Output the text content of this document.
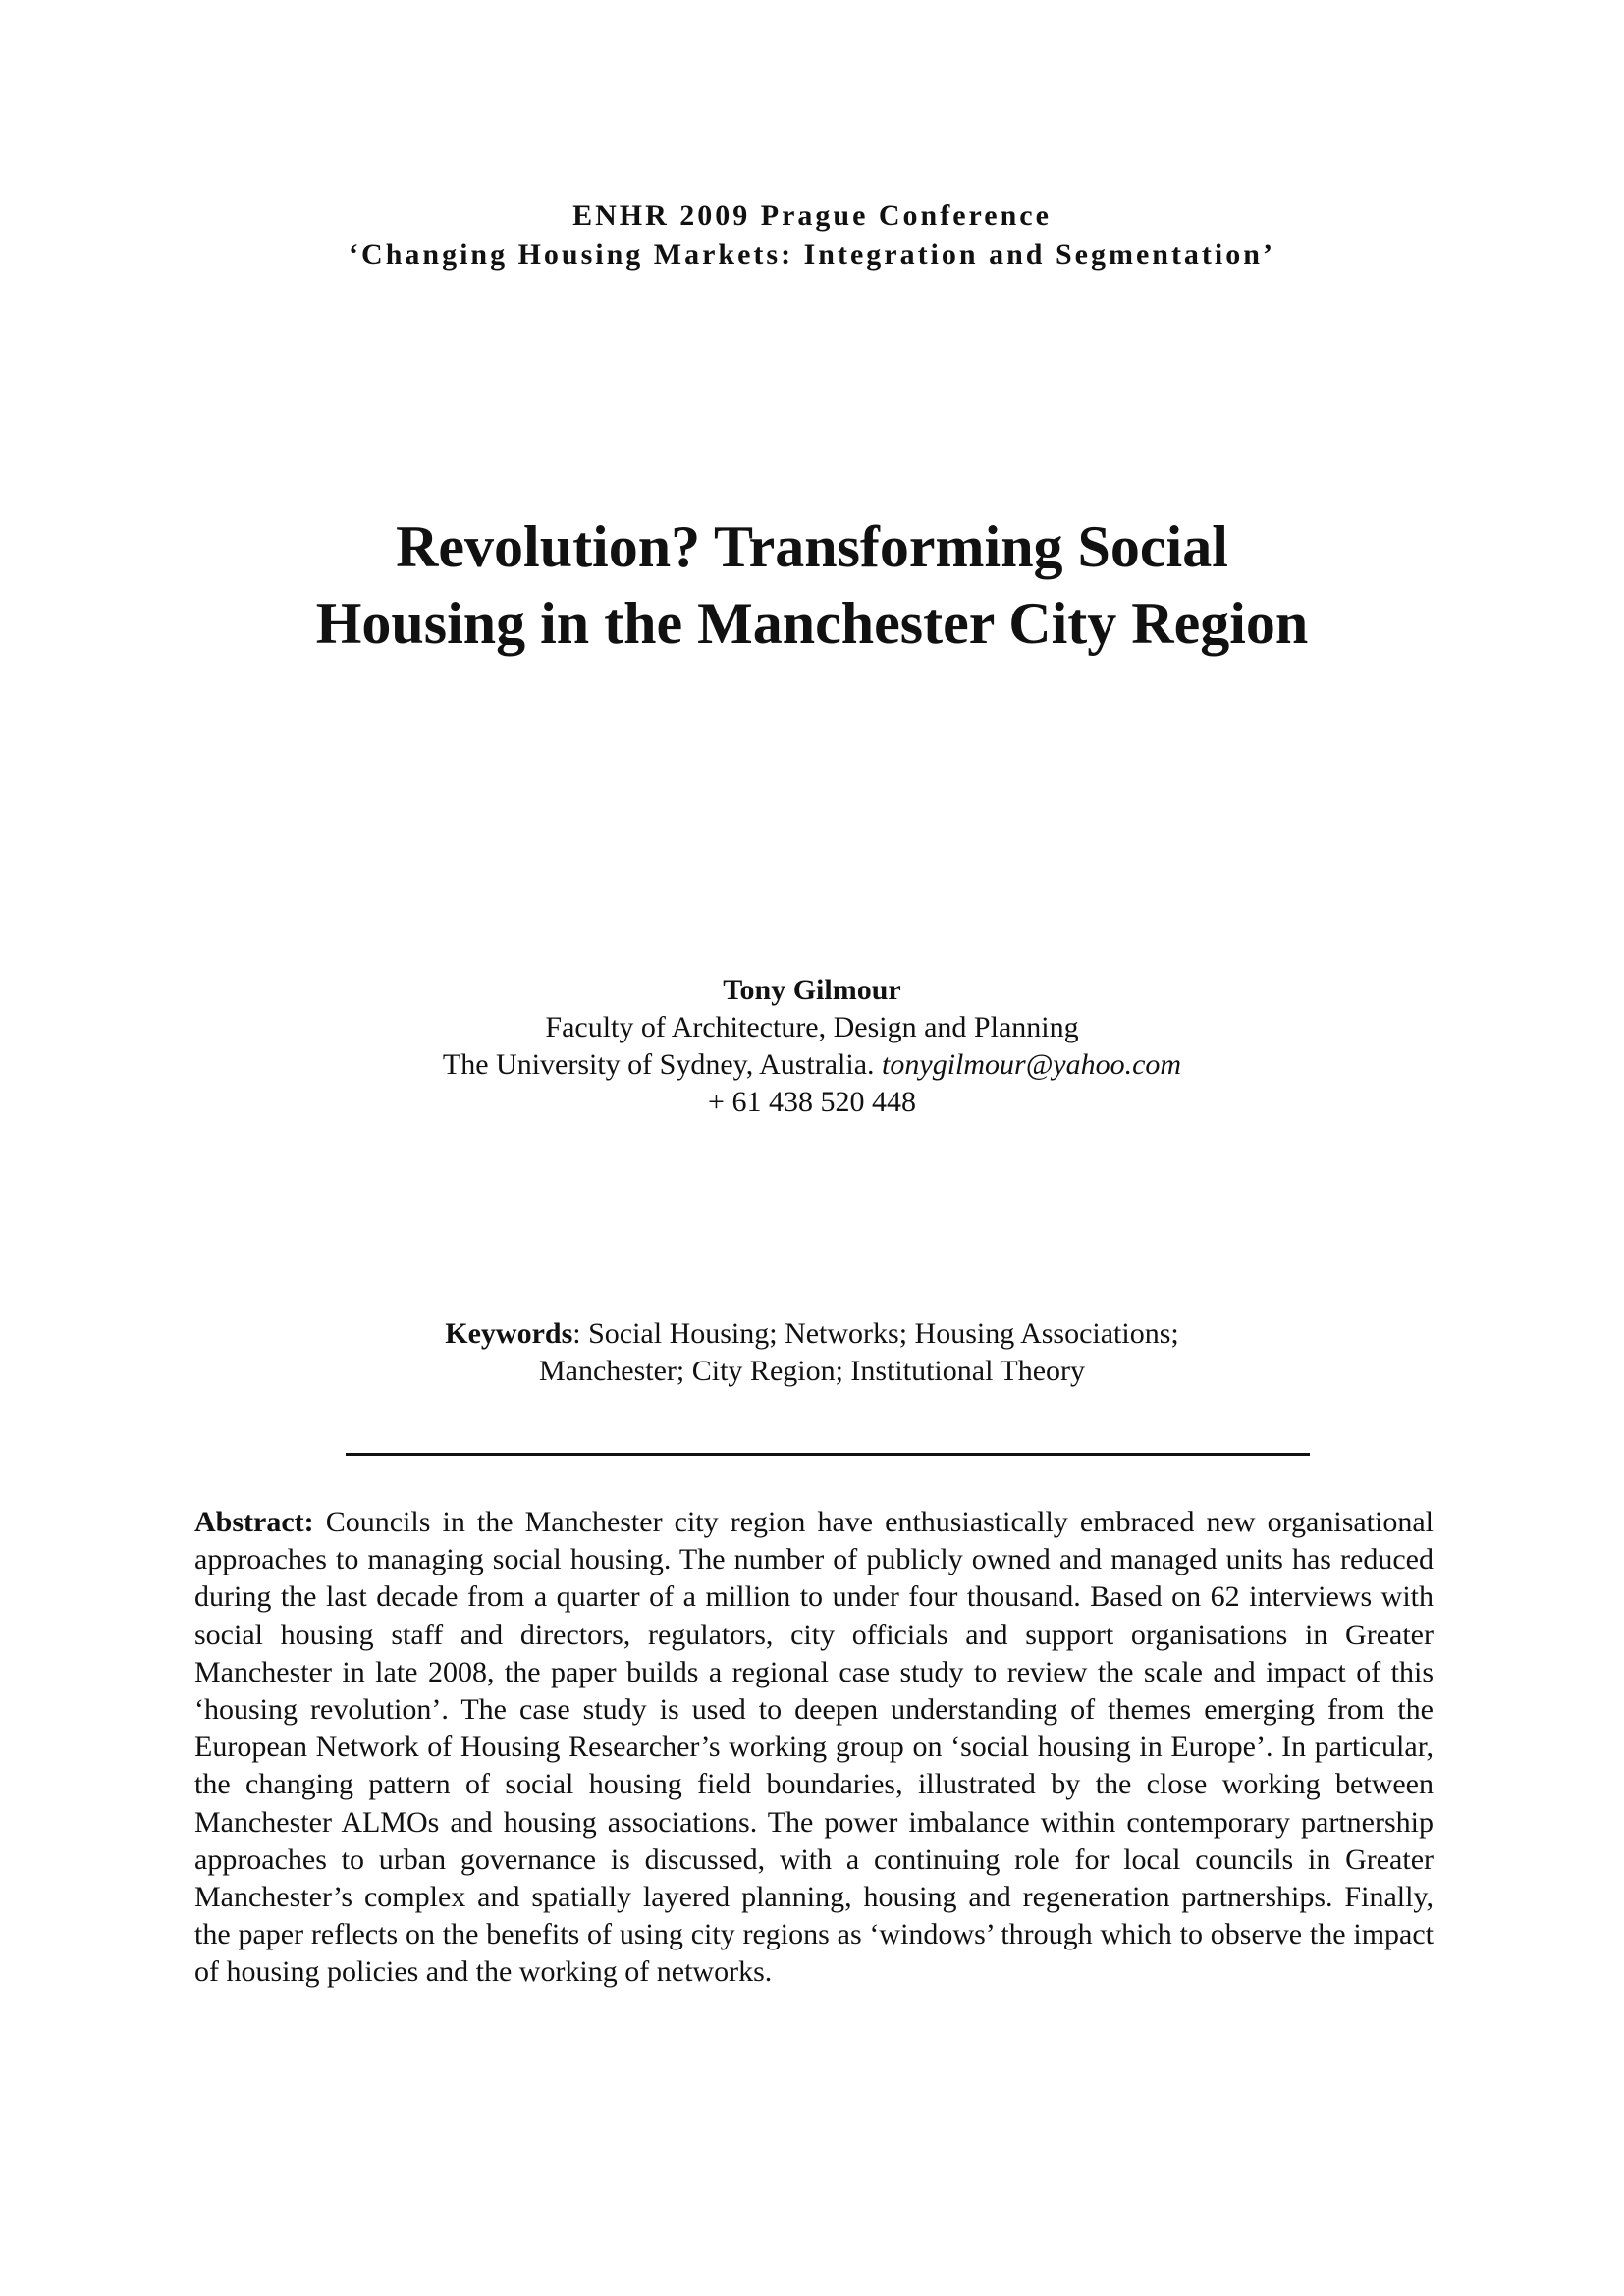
ENHR 2009 Prague Conference
‘Changing Housing Markets: Integration and Segmentation’
Revolution? Transforming Social
Housing in the Manchester City Region
Tony Gilmour
Faculty of Architecture, Design and Planning
The University of Sydney, Australia. tonygilmour@yahoo.com
+ 61 438 520 448
Keywords: Social Housing; Networks; Housing Associations;
Manchester; City Region; Institutional Theory
Abstract: Councils in the Manchester city region have enthusiastically embraced new organisational approaches to managing social housing. The number of publicly owned and managed units has reduced during the last decade from a quarter of a million to under four thousand. Based on 62 interviews with social housing staff and directors, regulators, city officials and support organisations in Greater Manchester in late 2008, the paper builds a regional case study to review the scale and impact of this ‘housing revolution’. The case study is used to deepen understanding of themes emerging from the European Network of Housing Researcher’s working group on ‘social housing in Europe’. In particular, the changing pattern of social housing field boundaries, illustrated by the close working between Manchester ALMOs and housing associations. The power imbalance within contemporary partnership approaches to urban governance is discussed, with a continuing role for local councils in Greater Manchester’s complex and spatially layered planning, housing and regeneration partnerships. Finally, the paper reflects on the benefits of using city regions as ‘windows’ through which to observe the impact of housing policies and the working of networks.
